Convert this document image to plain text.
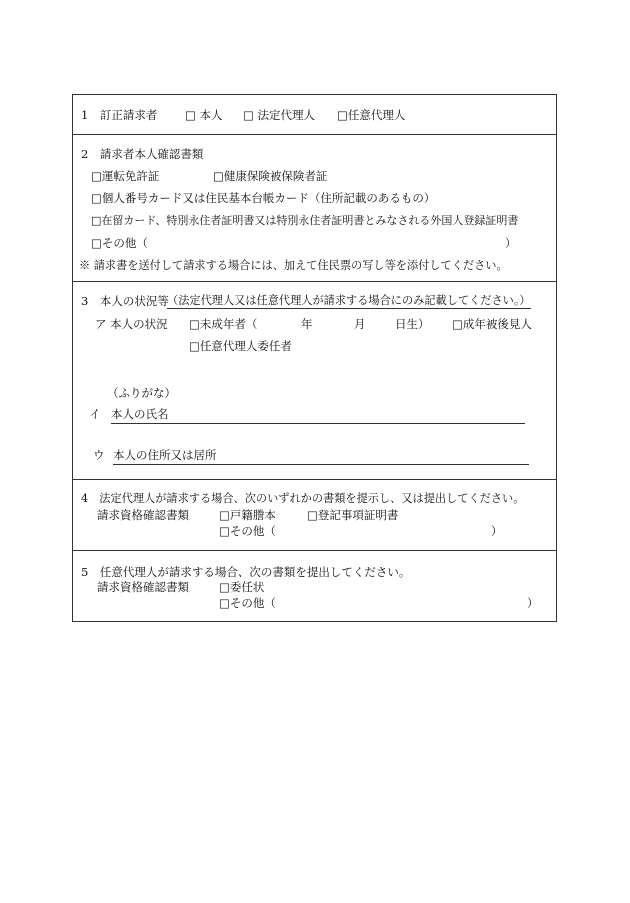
1　訂正請求者 □ 本人 □ 法定代理人 □任意代理人
2　請求者本人確認書類
□運転免許証	□健康保険被保険者証
□個人番号カード又は住民基本台帳カード（住所記載のあるもの）
□在留カード、特別永住者証明書又は特別永住者証明書とみなされる外国人登録証明書
□その他（	）
※ 請求書を送付して請求する場合には、加えて住民票の写し等を添付してください。
3　本人の状況等
（法定代理人又は任意代理人が請求する場合にのみ記載してください。）
ア 本人の状況 □未成年者（	年	月	日生） □成年被後見人
□任意代理人委任者
（ふりがな）
イ 本人の氏名
ウ 本人の住所又は居所
4　法定代理人が請求する場合、次のいずれかの書類を提示し、又は提出してください。
請求資格確認書類	□戸籍謄本	□登記事項証明書
□その他（	）
5　任意代理人が請求する場合、次の書類を提出してください。
請求資格確認書類	□委任状
□その他（	）
